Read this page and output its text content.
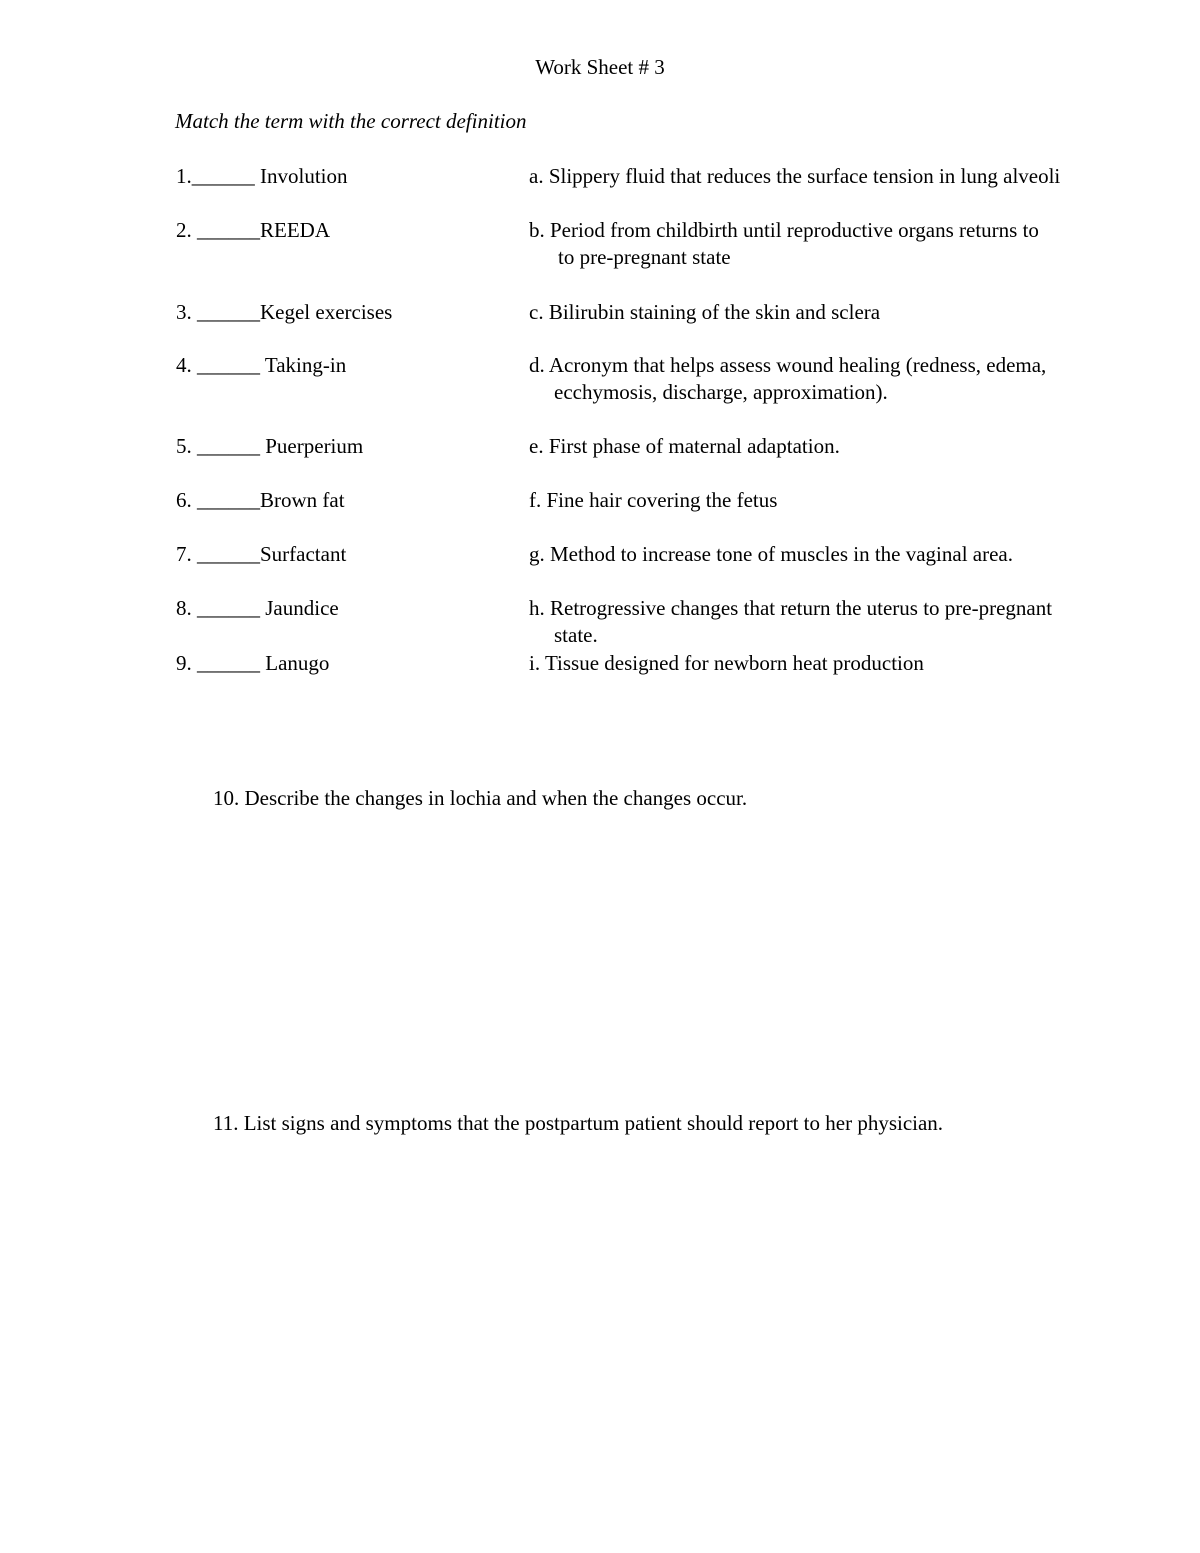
Work Sheet # 3
Match the term with the correct definition
1.______ Involution	a. Slippery fluid that reduces the surface tension in lung alveoli
2. ______REEDA	b. Period from childbirth until reproductive organs returns to
to pre-pregnant state
3. ______Kegel exercises	c. Bilirubin staining of the skin and sclera
4. ______ Taking-in	d. Acronym that helps assess wound healing (redness, edema,
ecchymosis, discharge, approximation).
5. ______ Puerperium	e. First phase of maternal adaptation.
6. ______Brown fat	f. Fine hair covering the fetus
7. ______Surfactant	g. Method to increase tone of muscles in the vaginal area.
8. ______ Jaundice	h. Retrogressive changes that return the uterus to pre-pregnant
state.
9. ______ Lanugo	i. Tissue designed for newborn heat production
10. Describe the changes in lochia and when the changes occur.
11. List signs and symptoms that the postpartum patient should report to her physician.
